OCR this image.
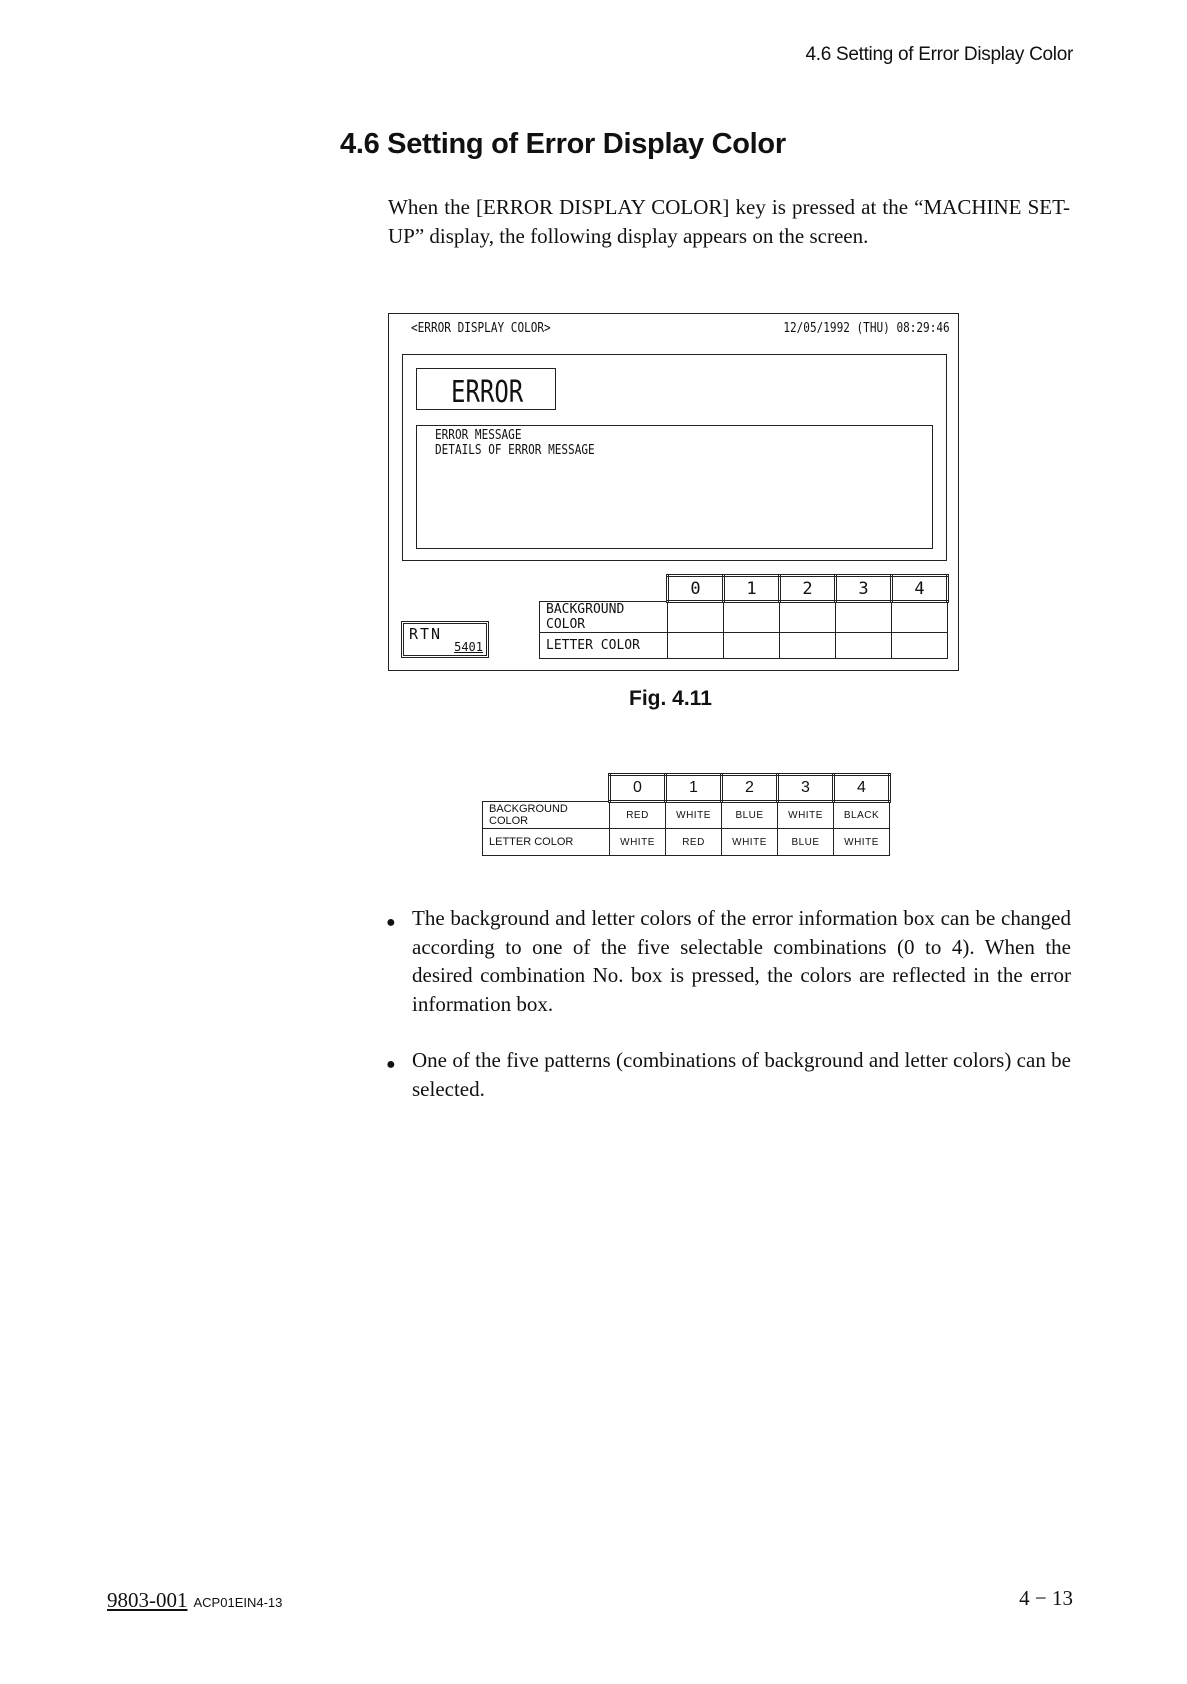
4.6 Setting of Error Display Color
4.6 Setting of Error Display Color
When the [ERROR DISPLAY COLOR] key is pressed at the “MACHINE SET-UP” display, the following display appears on the screen.
<ERROR DISPLAY COLOR>	12/05/1992 (THU) 08:29:46
ERROR
ERROR MESSAGE
DETAILS OF ERROR MESSAGE
	0	1	2	3	4
BACKGROUND COLOR					
LETTER COLOR					
RTN
5401
Fig. 4.11
	0	1	2	3	4
BACKGROUND COLOR	RED	WHITE	BLUE	WHITE	BLACK
LETTER COLOR	WHITE	RED	WHITE	BLUE	WHITE
● The background and letter colors of the error information box can be changed according to one of the five selectable combinations (0 to 4). When the desired combination No. box is pressed, the colors are reflected in the error information box.
● One of the five patterns (combinations of background and letter colors) can be selected.
9803-001 ACP01EIN4-13	4 − 13
